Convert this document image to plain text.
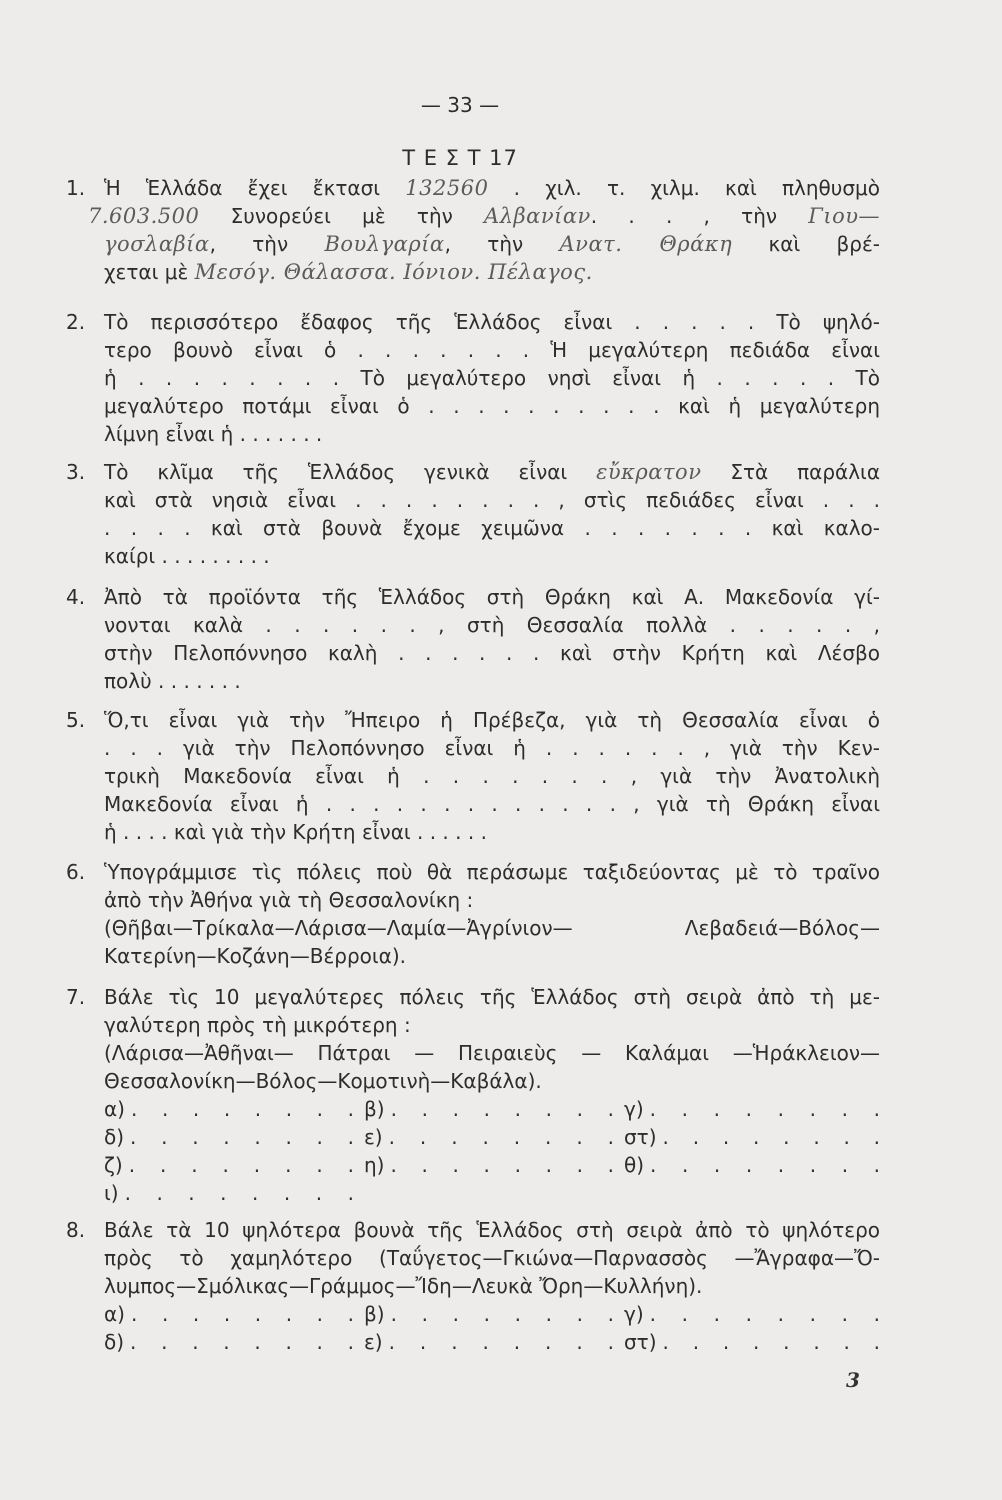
— 33 —
Τ Ε Σ Τ 17
1. Ἡ Ἑλλάδα ἔχει ἔκτασι 132560 . χιλ. τ. χιλμ. καὶ πληθυσμὸ
7.603.500 Συνορεύει μὲ τὴν Αλβανίαν. . . , τὴν Γιου—
γοσλαβία, τὴν Βουλγαρία, τὴν Ανατ. Θράκη καὶ βρέ-
χεται μὲ Μεσόγ. Θάλασσα. Ιόνιον. Πέλαγος.
2. Τὸ περισσότερο ἔδαφος τῆς Ἑλλάδος εἶναι . . . . . Τὸ ψηλό-
τερο βουνὸ εἶναι ὁ . . . . . . . Ἡ μεγαλύτερη πεδιάδα εἶναι
ἡ . . . . . . . . Τὸ μεγαλύτερο νησὶ εἶναι ἡ . . . . . Τὸ
μεγαλύτερο ποτάμι εἶναι ὁ . . . . . . . . . . καὶ ἡ μεγαλύτερη
λίμνη εἶναι ἡ . . . . . . .
3. Τὸ κλῖμα τῆς Ἑλλάδος γενικὰ εἶναι εὔκρατον Στὰ παράλια
καὶ στὰ νησιὰ εἶναι . . . . . . . . , στὶς πεδιάδες εἶναι . . .
. . . . καὶ στὰ βουνὰ ἔχομε χειμῶνα . . . . . . . καὶ καλο-
καίρι . . . . . . . . .
4. Ἀπὸ τὰ προϊόντα τῆς Ἑλλάδος στὴ Θράκη καὶ Α. Μακεδονία γί-
νονται καλὰ . . . . . . , στὴ Θεσσαλία πολλὰ . . . . . ,
στὴν Πελοπόννησο καλὴ . . . . . . καὶ στὴν Κρήτη καὶ Λέσβο
πολὺ . . . . . . .
5. Ὅ,τι εἶναι γιὰ τὴν Ἤπειρο ἡ Πρέβεζα, γιὰ τὴ Θεσσαλία εἶναι ὁ
. . . γιὰ τὴν Πελοπόννησο εἶναι ἡ . . . . . . , γιὰ τὴν Κεν-
τρικὴ Μακεδονία εἶναι ἡ . . . . . . . , γιὰ τὴν Ἀνατολικὴ
Μακεδονία εἶναι ἡ . . . . . . . . . . . . . , γιὰ τὴ Θράκη εἶναι
ἡ . . . . καὶ γιὰ τὴν Κρήτη εἶναι . . . . . .
6. Ὑπογράμμισε τὶς πόλεις ποὺ θὰ περάσωμε ταξιδεύοντας μὲ τὸ τραῖνο
ἀπὸ τὴν Ἀθήνα γιὰ τὴ Θεσσαλονίκη :
(Θῆβαι—Τρίκαλα—Λάρισα—Λαμία—Ἀγρίνιον— Λεβαδειά—Βόλος—
Κατερίνη—Κοζάνη—Βέρροια).
7. Βάλε τὶς 10 μεγαλύτερες πόλεις τῆς Ἑλλάδος στὴ σειρὰ ἀπὸ τὴ με-
γαλύτερη πρὸς τὴ μικρότερη :
(Λάρισα—Ἀθῆναι— Πάτραι — Πειραιεὺς — Καλάμαι —Ἡράκλειον—
Θεσσαλονίκη—Βόλος—Κομοτινὴ—Καβάλα).
α) . . . . . . . . β) . . . . . . . . γ) . . . . . . . .
δ) . . . . . . . . ε) . . . . . . . . στ) . . . . . . . .
ζ) . . . . . . . . η) . . . . . . . . θ) . . . . . . . .
ι) . . . . . . . .
8. Βάλε τὰ 10 ψηλότερα βουνὰ τῆς Ἑλλάδος στὴ σειρὰ ἀπὸ τὸ ψηλότερο
πρὸς τὸ χαμηλότερο (Ταΰγετος—Γκιώνα—Παρνασσὸς —Ἄγραφα—Ὄ-
λυμπος—Σμόλικας—Γράμμος—Ἴδη—Λευκὰ Ὄρη—Κυλλήνη).
α) . . . . . . . . β) . . . . . . . . γ) . . . . . . . .
δ) . . . . . . . . ε) . . . . . . . . στ) . . . . . . . .
3
